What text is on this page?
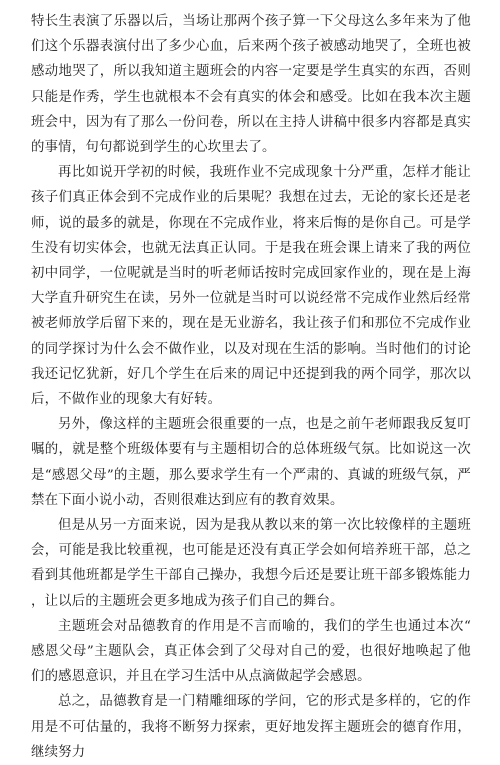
特长生表演了乐器以后，当场让那两个孩子算一下父母这么多年来为了他们这个乐器表演付出了多少心血，后来两个孩子被感动地哭了，全班也被感动地哭了，所以我知道主题班会的内容一定要是学生真实的东西，否则只能是作秀，学生也就根本不会有真实的体会和感受。比如在我本次主题班会中，因为有了那么一份问卷，所以在主持人讲稿中很多内容都是真实的事情，句句都说到学生的心坎里去了。

再比如说开学初的时候，我班作业不完成现象十分严重，怎样才能让孩子们真正体会到不完成作业的后果呢？我想在过去，无论的家长还是老师，说的最多的就是，你现在不完成作业，将来后悔的是你自己。可是学生没有切实体会，也就无法真正认同。于是我在班会课上请来了我的两位初中同学，一位呢就是当时的听老师话按时完成回家作业的，现在是上海大学直升研究生在读，另外一位就是当时可以说经常不完成作业然后经常被老师放学后留下来的，现在是无业游名，我让孩子们和那位不完成作业的同学探讨为什么会不做作业，以及对现在生活的影响。当时他们的讨论我还记忆犹新，好几个学生在后来的周记中还提到我的两个同学，那次以后，不做作业的现象大有好转。

另外，像这样的主题班会很重要的一点，也是之前午老师跟我反复叮嘱的，就是整个班级体要有与主题相切合的总体班级气氛。比如说这一次是“感恩父母”的主题，那么要求学生有一个严肃的、真诚的班级气氛，严禁在下面小说小动，否则很难达到应有的教育效果。

但是从另一方面来说，因为是我从教以来的第一次比较像样的主题班会，可能是我比较重视，也可能是还没有真正学会如何培养班干部，总之看到其他班都是学生干部自己操办，我想今后还是要让班干部多锻炼能力，让以后的主题班会更多地成为孩子们自己的舞台。

主题班会对品德教育的作用是不言而喻的，我们的学生也通过本次“感恩父母”主题队会，真正体会到了父母对自己的爱，也很好地唤起了他们的感恩意识，并且在学习生活中从点滴做起学会感恩。

总之，品德教育是一门精雕细琢的学问，它的形式是多样的，它的作用是不可估量的，我将不断努力探索，更好地发挥主题班会的德育作用，继续努力
